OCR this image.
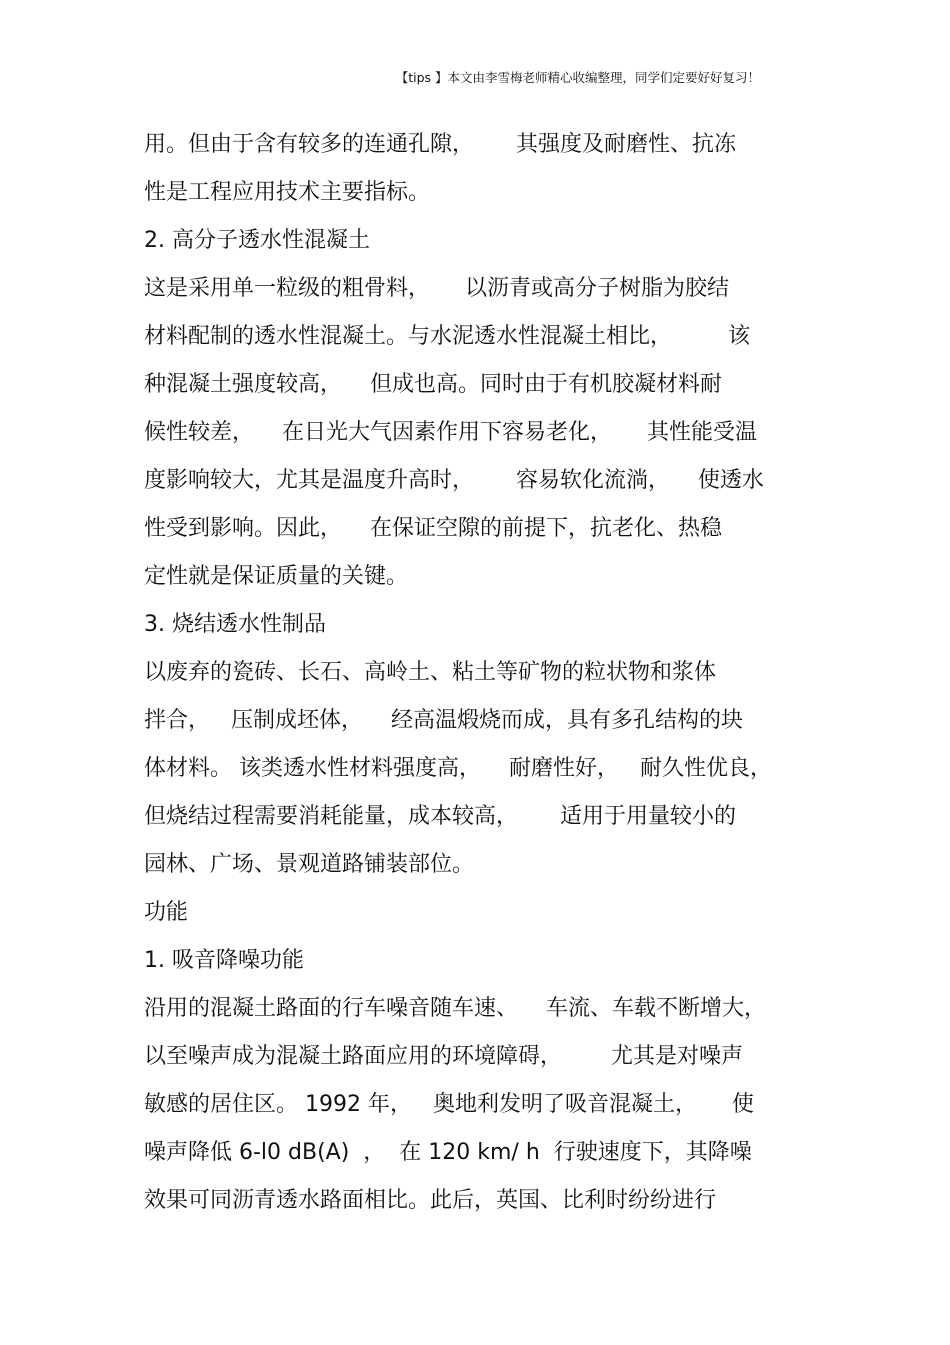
【tips 】本文由李雪梅老师精心收编整理，同学们定要好好复习！
用。但由于含有较多的连通孔隙，      其强度及耐磨性、抗冻
性是工程应用技术主要指标。
2. 高分子透水性混凝土
这是采用单一粒级的粗骨料，     以沥青或高分子树脂为胶结
材料配制的透水性混凝土。与水泥透水性混凝土相比，        该
种混凝土强度较高，    但成也高。同时由于有机胶凝材料耐
候性较差，    在日光大气因素作用下容易老化，     其性能受温
度影响较大，尤其是温度升高时，      容易软化流淌，    使透水
性受到影响。因此，    在保证空隙的前提下，抗老化、热稳
定性就是保证质量的关键。
3. 烧结透水性制品
以废弃的瓷砖、长石、高岭土、粘土等矿物的粒状物和浆体
拌合，   压制成坯体，    经高温煅烧而成，具有多孔结构的块
体材料。 该类透水性材料强度高，    耐磨性好，   耐久性优良，
但烧结过程需要消耗能量，成本较高，      适用于用量较小的
园林、广场、景观道路铺装部位。
功能
1. 吸音降噪功能
沿用的混凝土路面的行车噪音随车速、    车流、车载不断增大，
以至噪声成为混凝土路面应用的环境障碍，       尤其是对噪声
敏感的居住区。 1992 年，   奥地利发明了吸音混凝土，     使
噪声降低 6-l0 dB(A)  ，  在 120 km/ h  行驶速度下，其降噪
效果可同沥青透水路面相比。此后，英国、比利时纷纷进行
